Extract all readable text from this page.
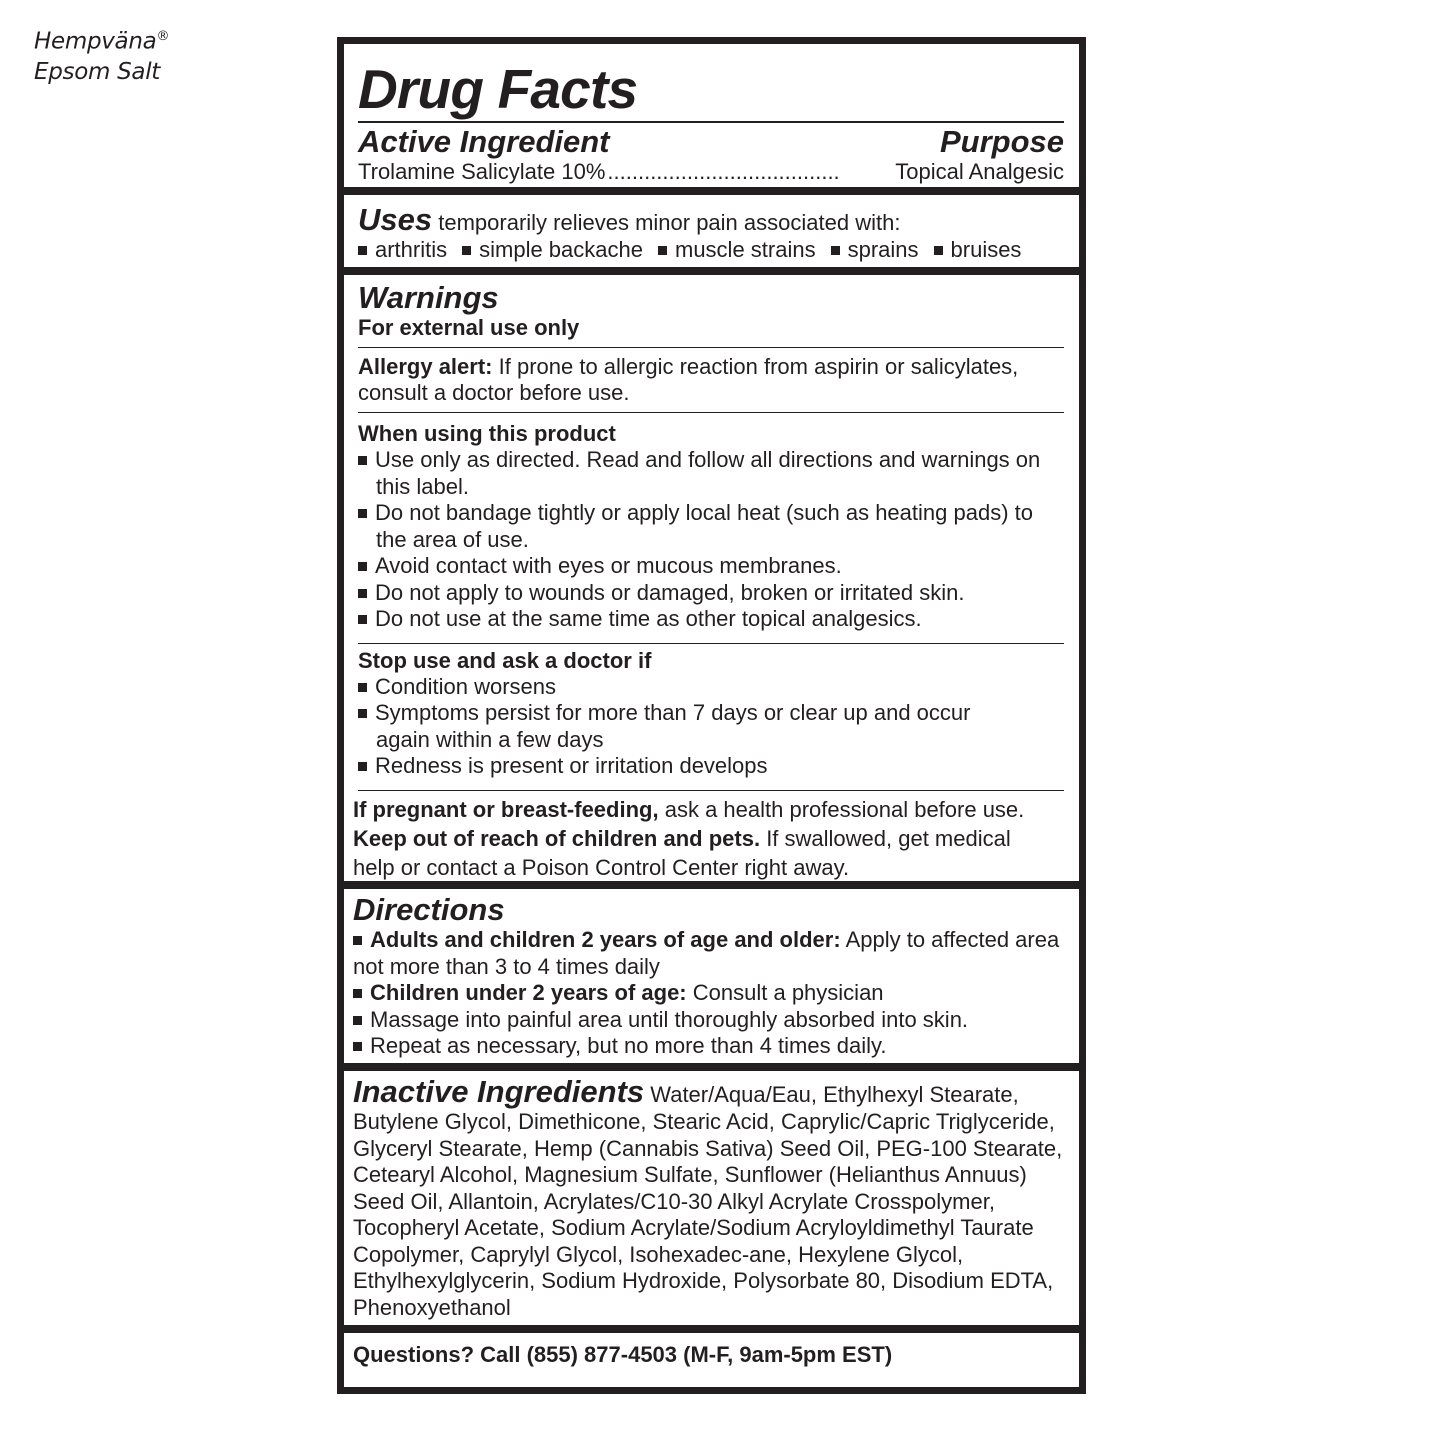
Hempväna®
Epsom Salt	Drug Facts
Active Ingredient	Purpose
Trolamine Salicylate 10% ......................................	Topical Analgesic
Uses temporarily relieves minor pain associated with:
arthritis	simple backache	muscle strains	sprains	bruises
Warnings
For external use only
Allergy alert: If prone to allergic reaction from aspirin or salicylates, consult a doctor before use.
When using this product
Use only as directed. Read and follow all directions and warnings on this label.
Do not bandage tightly or apply local heat (such as heating pads) to the area of use.
Avoid contact with eyes or mucous membranes.
Do not apply to wounds or damaged, broken or irritated skin.
Do not use at the same time as other topical analgesics.
Stop use and ask a doctor if
Condition worsens
Symptoms persist for more than 7 days or clear up and occur again within a few days
Redness is present or irritation develops
If pregnant or breast-feeding, ask a health professional before use.
Keep out of reach of children and pets. If swallowed, get medical help or contact a Poison Control Center right away.
Directions
Adults and children 2 years of age and older: Apply to affected area not more than 3 to 4 times daily
Children under 2 years of age: Consult a physician
Massage into painful area until thoroughly absorbed into skin.
Repeat as necessary, but no more than 4 times daily.
Inactive Ingredients Water/Aqua/Eau, Ethylhexyl Stearate, Butylene Glycol, Dimethicone, Stearic Acid, Caprylic/Capric Triglyceride, Glyceryl Stearate, Hemp (Cannabis Sativa) Seed Oil, PEG-100 Stearate, Cetearyl Alcohol, Magnesium Sulfate, Sunflower (Helianthus Annuus) Seed Oil, Allantoin, Acrylates/C10-30 Alkyl Acrylate Crosspolymer, Tocopheryl Acetate, Sodium Acrylate/Sodium Acryloyldimethyl Taurate Copolymer, Caprylyl Glycol, Isohexadec-ane, Hexylene Glycol, Ethylhexylglycerin, Sodium Hydroxide, Polysorbate 80, Disodium EDTA, Phenoxyethanol
Questions? Call (855) 877-4503 (M-F, 9am-5pm EST)
